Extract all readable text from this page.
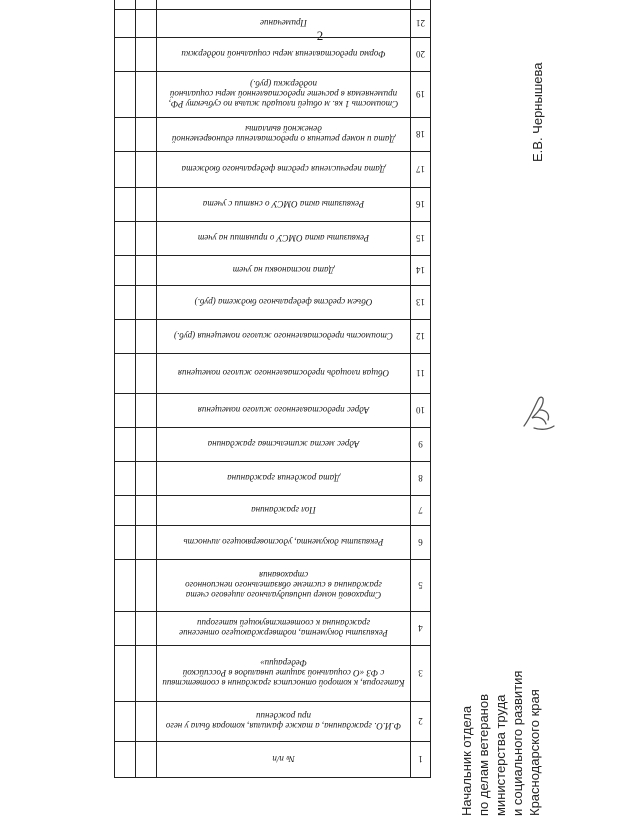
2
1	№ п/п		
2	Ф.И.О. гражданина, а также фамилия, которая была у него при рождении		
3	Категория, к которой относится гражданин в соответствии с ФЗ «О социальной защите инвалидов в Российской Федерации»		
4	Реквизиты документа, подтверждающего отнесение гражданина к соответствующей категории		
5	Страховой номер индивидуального лицевого счета гражданина в системе обязательного пенсионного страхования		
6	Реквизиты документа, удостоверяющего личность		
7	Пол гражданина		
8	Дата рождения гражданина		
9	Адрес места жительства гражданина		
10	Адрес предоставленного жилого помещения		
11	Общая площадь предоставленного жилого помещения		
12	Стоимость предоставленного жилого помещения (руб.)		
13	Объем средств федерального бюджета (руб.)		
14	Дата постановки на учет		
15	Реквизиты акта ОМСУ о принятии на учет		
16	Реквизиты акта ОМСУ о снятии с учета		
17	Дата перечисления средств федерального бюджета		
18	Дата и номер решения о предоставлении единовременной денежной выплаты		
19	Стоимость 1 кв. м общей площади жилья по субъекту РФ, применяемая в расчете предоставленной меры социальной поддержки (руб.)		
20	Форма предоставления меры социальной поддержки		
21	Примечание		

Начальник отдела по делам ветеранов министерства труда и социального развития Краснодарского края
Е.В. Чернышева
